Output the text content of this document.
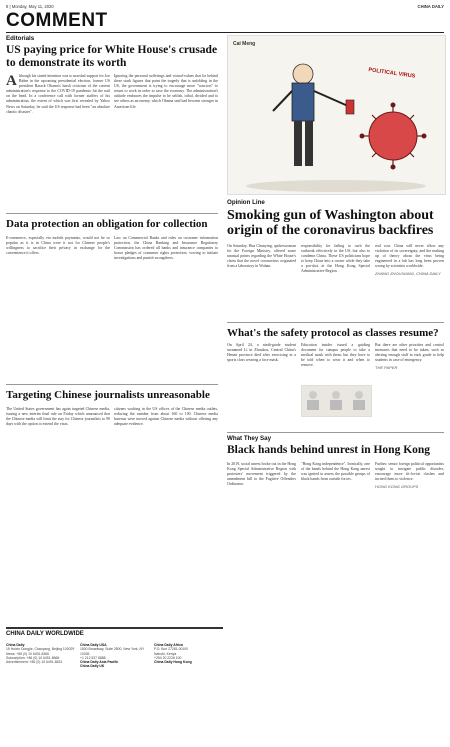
8 | Monday, May 11, 2020	CHINA DAILY
COMMENT
Editorials
US paying price for White House's crusade to demonstrate its worth

Although his stated intention was to marshal support for Joe Biden in the upcoming presidential election, former US president Barack Obama's harsh criticism of the current administration's response to the COVID-19 pandemic hit the nail on the head. In a conference call with former staffers of his administration, the extent of which was first revealed by Yahoo News on Saturday, he said the US response had been "an absolute chaotic disaster".

Ignoring the personal sufferings and virtual-values that lie behind these stark figures that paint the tragedy that is unfolding in the US, the government is trying to encourage more "warriors" to return to work in order to save the economy. The administration's attitude embraces the impulse to be selfish, tribal, divided and to see others as an enemy, which Obama said had become stronger in American life.

Data protection an obligation for collection

E-commerce, especially via mobile payments, would not be so popular as it is in China were it not for Chinese people's willingness to sacrifice their privacy in exchange for the convenience it offers.

Law on Commercial Banks and rules on customer information protection, the China Banking and Insurance Regulatory Commission has ordered all banks and insurance companies to honor pledges of consumer rights protection, vowing to initiate investigations and punish wrongdoers.

Targeting Chinese journalists unreasonable

The United States government has again targeted Chinese media, issuing a new interim final rule on Friday which announced that the Chinese media will limit the stay for Chinese journalists to 90 days with the option to extend the visas.

citizens working in the US offices of the Chinese media outlets, reducing the number from about 160 to 100. Chinese media bureaus were moved against Chinese media without offering any adequate evidence.

CHINA DAILY WORLDWIDE
China Daily
15 Huixin Dongjie, Chaoyang, Beijing 100029
News: +86 (0) 10 6491-8366
Subscription: +86 (0) 10 6491-8666
Advertisement: +86 (0) 10 6491-8631
China Daily USA
1500 Broadway, Suite 2800, New York, NY 10036
+1 212 537 8888
China Daily Asia Pacific
China Daily UK
China Daily Africa
P.O. Box 27281-00100
Nairobi, Kenya
+254 20 2226 100
China Daily Hong Kong
Cai Meng
POLITICAL VIRUS
Opinion Line
Smoking gun of Washington about origin of the coronavirus backfires

On Saturday, Hua Chunying, spokeswoman for the Foreign Ministry, offered some unusual points regarding the White House's claim that the novel coronavirus originated from a laboratory in Wuhan.

responsibility for failing to curb the outbreak effectively in the US, but also to condemn China. These US politicians hope to keep China into a corner while they take a pot-shot at the Hong Kong Special Administrative Region.

real cost. China will never allow any violation of its sovereignty, and the making up of theory about the virus being engineered in a lab has long been proven wrong by scientists worldwide.

ZHANG ZHOUXIANG, CHINA DAILY
What's the safety protocol as classes resume?

On April 24, a ninth-grade student surnamed Li in Zhoukou, Central China's Henan province died after exercising in a sports class wearing a face mask.

Education insider issued a guiding document for campus people to take a medical mask with them, but they have to be told when to wear it and when to remove.

But there are other priorities and control measures that need to be taken, such as alerting enough staff in each grade to help students in case of emergency.

THE PAPER
What They Say
Black hands behind unrest in Hong Kong

In 2019, social unrest broke out in the Hong Kong Special Administrative Region with protesters' movement triggered by the amendment bill to the Fugitive Offenders Ordinance.

"Hong Kong independence". Ironically, one of the bands behind the Hong Kong unrest was ignited to assess the possible groups of black hands from outside forces.

Further, senior foreign political opportunists sought to instigate public disorder, encourage more tit-for-tat clashes and incited them to violence.

HONG KONG GROUPS
